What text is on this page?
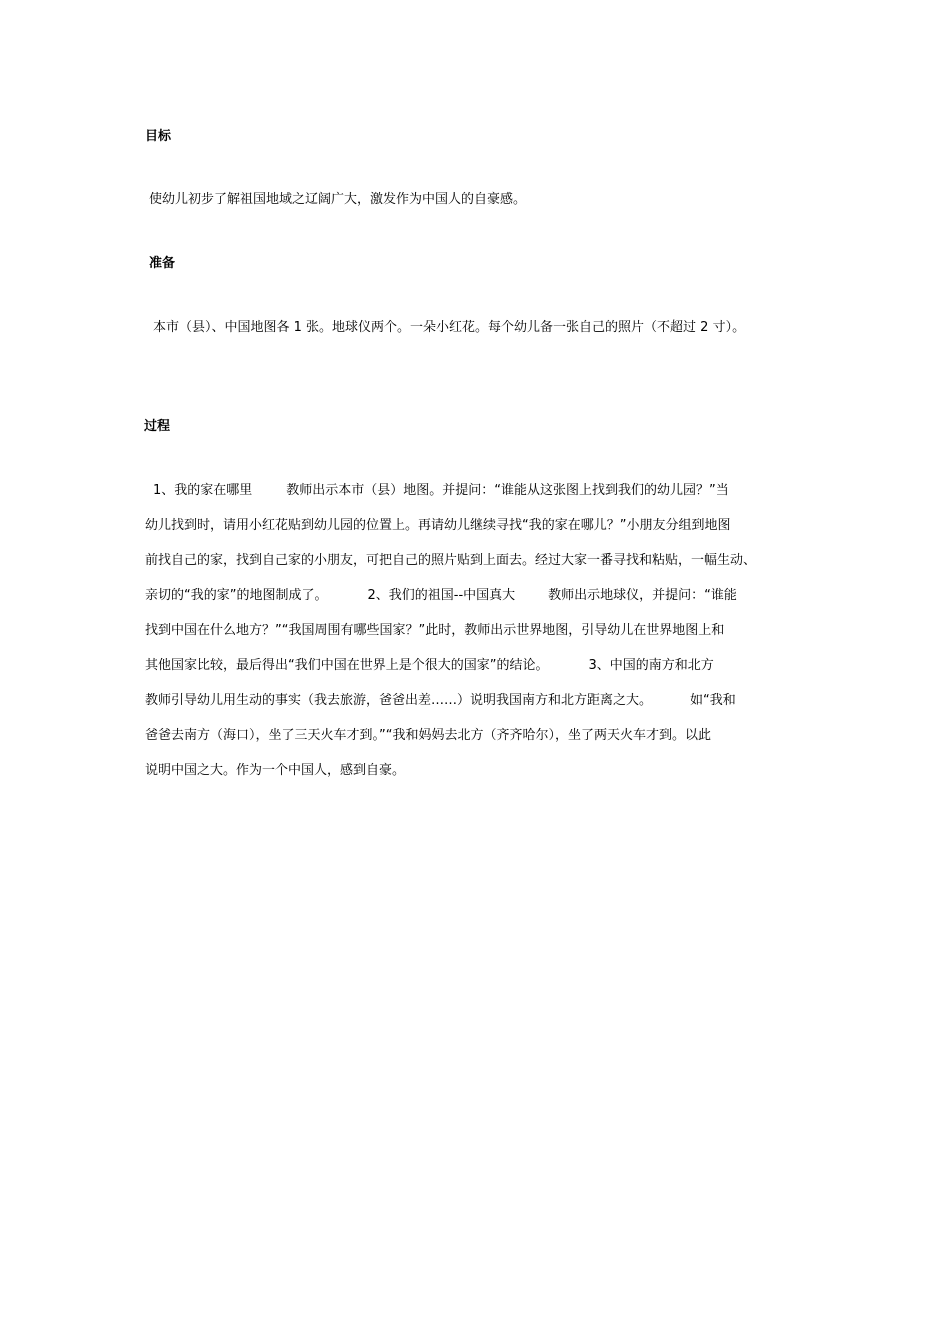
目标

使幼儿初步了解祖国地域之辽阔广大，激发作为中国人的自豪感。

准备

本市（县）、中国地图各 1 张。地球仪两个。一朵小红花。每个幼儿备一张自己的照片（不超过 2 寸）。

过程

1、我的家在哪里	教师出示本市（县）地图。并提问：“谁能从这张图上找到我们的幼儿园？”当

幼儿找到时，请用小红花贴到幼儿园的位置上。再请幼儿继续寻找“我的家在哪儿？”小朋友分组到地图

前找自己的家，找到自己家的小朋友，可把自己的照片贴到上面去。经过大家一番寻找和粘贴，一幅生动、

亲切的“我的家”的地图制成了。	2、我们的祖国--中国真大	教师出示地球仪，并提问：“谁能

找到中国在什么地方？”“我国周围有哪些国家？”此时，教师出示世界地图，引导幼儿在世界地图上和

其他国家比较，最后得出“我们中国在世界上是个很大的国家”的结论。	3、中国的南方和北方

教师引导幼儿用生动的事实（我去旅游，爸爸出差……）说明我国南方和北方距离之大。	如“我和

爸爸去南方（海口），坐了三天火车才到。”“我和妈妈去北方（齐齐哈尔），坐了两天火车才到。以此

说明中国之大。作为一个中国人，感到自豪。
